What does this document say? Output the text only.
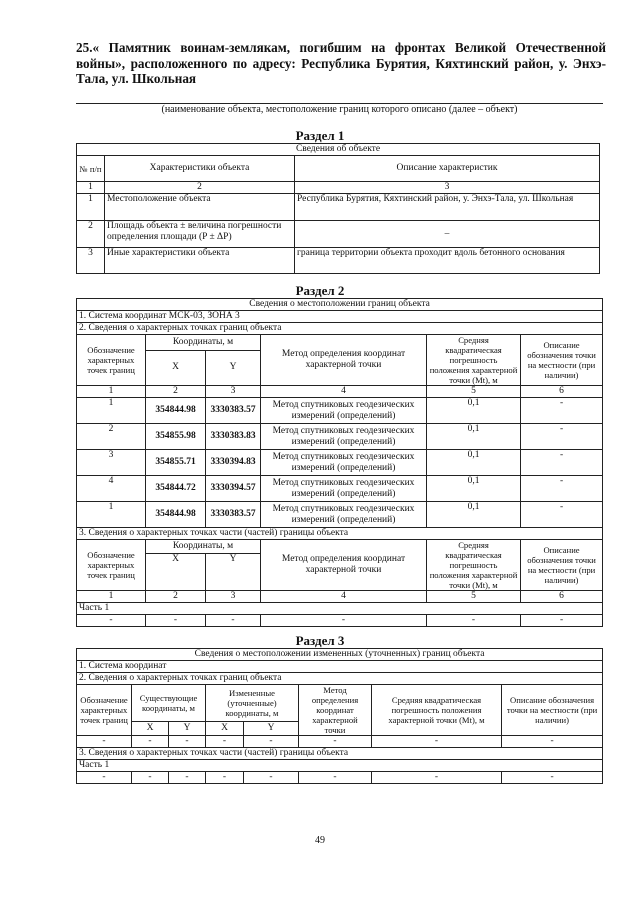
25.« Памятник воинам-землякам, погибшим на фронтах Великой Отечественной войны», расположенного по адресу: Республика Бурятия, Кяхтинский район, у. Энхэ-Тала, ул. Школьная
(наименование объекта, местоположение границ которого описано (далее – объект)
Раздел 1
Сведения об объекте		
№ п/п	Характеристики объекта	Описание характеристик
1	2	3
1	Местоположение объекта	Республика Бурятия, Кяхтинский район, у. Энхэ-Тала, ул. Школьная
2	Площадь объекта ± величина погрешности определения площади (P ± ΔP)	–
3	Иные характеристики объекта	граница территории объекта проходит вдоль бетонного основания
Раздел 2
Сведения о местоположении границ объекта					
1. Система координат МСК-03, ЗОНА 3					
2. Сведения о характерных точках границ объекта					
Обозначение характерных точек границ	Координаты, м		Метод определения координат характерной точки	Средняя квадратическая погрешность положения характерной точки (Mt), м	Описание обозначения точки на местности (при наличии)
	X	Y			
1	2	3	4	5	6
1	354844.98	3330383.57	Метод спутниковых геодезических измерений (определений)	0,1	-
2	354855.98	3330383.83	Метод спутниковых геодезических измерений (определений)	0,1	-
3	354855.71	3330394.83	Метод спутниковых геодезических измерений (определений)	0,1	-
4	354844.72	3330394.57	Метод спутниковых геодезических измерений (определений)	0,1	-
1	354844.98	3330383.57	Метод спутниковых геодезических измерений (определений)	0,1	-
3. Сведения о характерных точках части (частей) границы объекта					
Обозначение характерных точек границ	Координаты, м		Метод определения координат характерной точки	Средняя квадратическая погрешность положения характерной точки (Mt), м	Описание обозначения точки на местности (при наличии)
	X	Y			
1	2	3	4	5	6
Часть 1					
-	-	-	-	-	-
Раздел 3
Сведения о местоположении измененных (уточненных) границ объекта							
1. Система координат							
2. Сведения о характерных точках границ объекта							
Обозначение характерных точек границ	Существующие координаты, м		Измененные (уточненные) координаты, м		Метод определения координат характерной точки	Средняя квадратическая погрешность положения характерной точки (Mt), м	Описание обозначения точки на местности (при наличии)
	X	Y	X	Y			
-	-	-	-	-	-	-	-
3. Сведения о характерных точках части (частей) границы объекта							
Часть 1							
-	-	-	-	-	-	-	-
49
